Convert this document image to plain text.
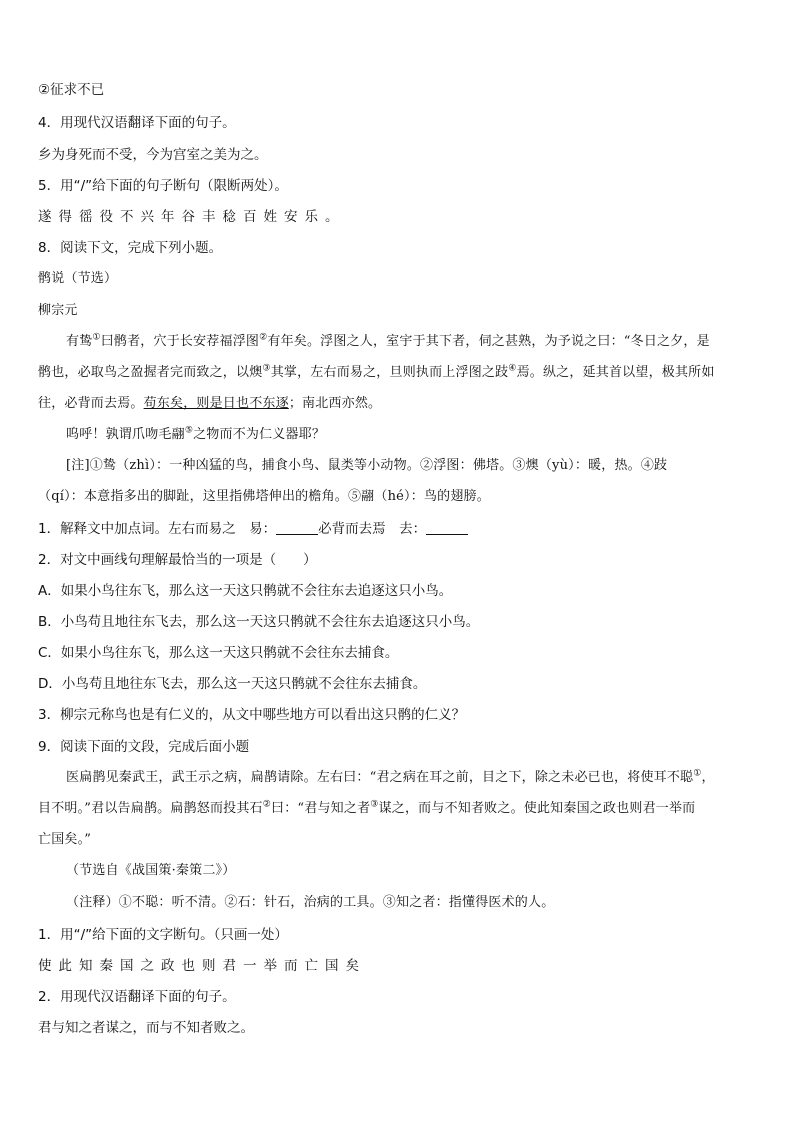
②征求不已
4．用现代汉语翻译下面的句子。
乡为身死而不受，今为宫室之美为之。
5．用“/”给下面的句子断句（限断两处）。
遂得徭役不兴年谷丰稔百姓安乐。
8．阅读下文，完成下列小题。
鹘说（节选）
柳宗元
有鸷①曰鹘者，穴于长安荐福浮图②有年矣。浮图之人，室宇于其下者，伺之甚熟，为予说之曰：“冬日之夕，是
鹘也，必取鸟之盈握者完而致之，以燠③其掌，左右而易之，旦则执而上浮图之跂④焉。纵之，延其首以望，极其所如
往，必背而去焉。苟东矣，则是日也不东逐；南北西亦然。
呜呼！孰谓爪吻毛翮⑤之物而不为仁义器耶？
[注]①鸷（zhì）：一种凶猛的鸟，捕食小鸟、鼠类等小动物。②浮图：佛塔。③燠（yù）：暖，热。④跂
（qí）：本意指多出的脚趾，这里指佛塔伸出的檐角。⑤翮（hé）：鸟的翅膀。
1．解释文中加点词。左右而易之　易：	必背而去焉　去：
2．对文中画线句理解最恰当的一项是（　　）
A．如果小鸟往东飞，那么这一天这只鹘就不会往东去追逐这只小鸟。
B．小鸟苟且地往东飞去，那么这一天这只鹘就不会往东去追逐这只小鸟。
C．如果小鸟往东飞，那么这一天这只鹘就不会往东去捕食。
D．小鸟苟且地往东飞去，那么这一天这只鹘就不会往东去捕食。
3．柳宗元称鸟也是有仁义的，从文中哪些地方可以看出这只鹘的仁义？
9．阅读下面的文段，完成后面小题
医扁鹊见秦武王，武王示之病，扁鹊请除。左右曰：“君之病在耳之前，目之下，除之未必已也，将使耳不聪①，
目不明。”君以告扁鹊。扁鹊怒而投其石②曰：“君与知之者③谋之，而与不知者败之。使此知秦国之政也则君一举而
亡国矣。”
（节选自《战国策·秦策二》）
（注释）①不聪：听不清。②石：针石，治病的工具。③知之者：指懂得医术的人。
1．用“/”给下面的文字断句。（只画一处）
使此知秦国之政也则君一举而亡国矣
2．用现代汉语翻译下面的句子。
君与知之者谋之，而与不知者败之。
